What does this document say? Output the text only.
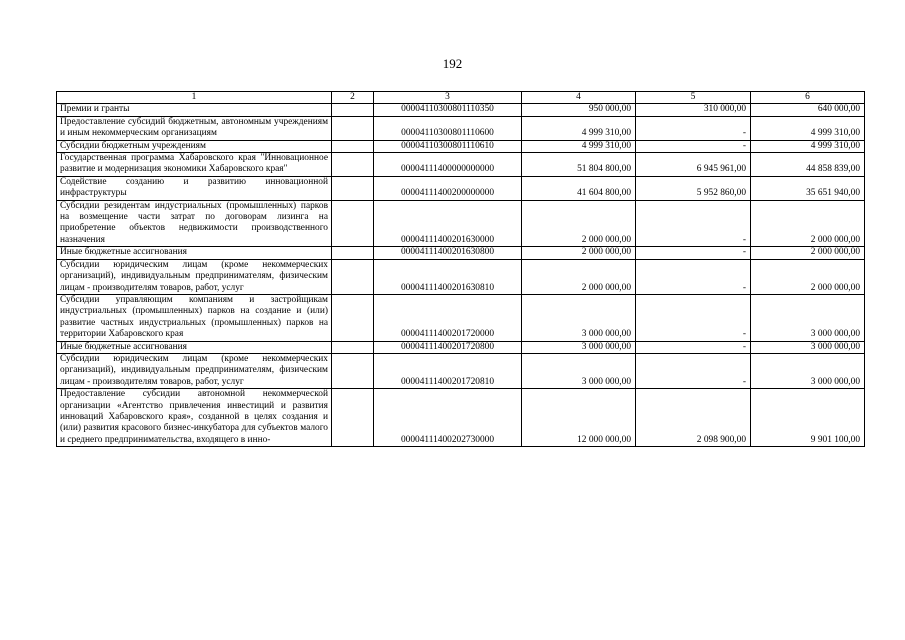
192
1	2	3	4	5	6
Премии и гранты		00004110300801110350	950 000,00	310 000,00	640 000,00
Предоставление субсидий бюджетным, автономным учреждениям и иным некоммерческим организациям		00004110300801110600	4 999 310,00	-	4 999 310,00
Субсидии бюджетным учреждениям		00004110300801110610	4 999 310,00	-	4 999 310,00
Государственная программа Хабаровского края "Инновационное развитие и модернизация экономики Хабаровского края"		00004111400000000000	51 804 800,00	6 945 961,00	44 858 839,00
Содействие созданию и развитию инновационной инфраструктуры		00004111400200000000	41 604 800,00	5 952 860,00	35 651 940,00
Субсидии резидентам индустриальных (промышленных) парков на возмещение части затрат по договорам лизинга на приобретение объектов недвижимости производственного назначения		00004111400201630000	2 000 000,00	-	2 000 000,00
Иные бюджетные ассигнования		00004111400201630800	2 000 000,00	-	2 000 000,00
Субсидии юридическим лицам (кроме некоммерческих организаций), индивидуальным предпринимателям, физическим лицам - производителям товаров, работ, услуг		00004111400201630810	2 000 000,00	-	2 000 000,00
Субсидии управляющим компаниям и застройщикам индустриальных (промышленных) парков на создание и (или) развитие частных индустриальных (промышленных) парков на территории Хабаровского края		00004111400201720000	3 000 000,00	-	3 000 000,00
Иные бюджетные ассигнования		00004111400201720800	3 000 000,00	-	3 000 000,00
Субсидии юридическим лицам (кроме некоммерческих организаций), индивидуальным предпринимателям, физическим лицам - производителям товаров, работ, услуг		00004111400201720810	3 000 000,00	-	3 000 000,00
Предоставление субсидии автономной некоммерческой организации «Агентство привлечения инвестиций и развития инноваций Хабаровского края», созданной в целях создания и (или) развития красового бизнес-инкубатора для субъектов малого и среднего предпринимательства, входящего в инно-		00004111400202730000	12 000 000,00	2 098 900,00	9 901 100,00
